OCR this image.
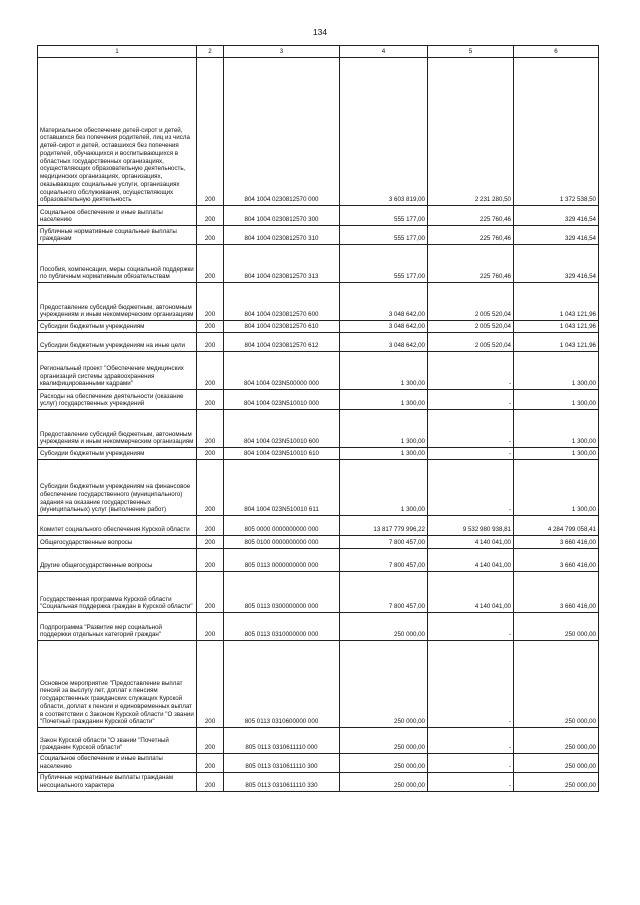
134
1	2	3	4	5	6
Материальное обеспечение детей-сирот и детей, оставшихся без попечения родителей, лиц из числа детей-сирот и детей, оставшихся без попечения родителей, обучающихся и воспитывающихся в областных государственных организациях, осуществляющих образовательную деятельность, медицинских организациях, организациях, оказывающих социальные услуги, организациях социального обслуживания, осуществляющих образовательную деятельность	200	804 1004 0230812570 000	3 603 819,00	2 231 280,50	1 372 538,50
Социальное обеспечение и иные выплаты населению	200	804 1004 0230812570 300	555 177,00	225 760,46	329 416,54
Публичные нормативные социальные выплаты гражданам	200	804 1004 0230812570 310	555 177,00	225 760,46	329 416,54
Пособия, компенсации, меры социальной поддержки по публичным нормативным обязательствам	200	804 1004 0230812570 313	555 177,00	225 760,46	329 416,54
Предоставление субсидий бюджетным, автономным учреждениям и иным некоммерческим организациям	200	804 1004 0230812570 600	3 048 642,00	2 005 520,04	1 043 121,96
Субсидии бюджетным учреждениям	200	804 1004 0230812570 610	3 048 642,00	2 005 520,04	1 043 121,96
Субсидии бюджетным учреждениям на иные цели	200	804 1004 0230812570 612	3 048 642,00	2 005 520,04	1 043 121,96
Региональный проект "Обеспечение медицинских организаций системы здравоохранения квалифицированными кадрами"	200	804 1004 023N500000 000	1 300,00	-	1 300,00
Расходы на обеспечение деятельности (оказание услуг) государственных учреждений	200	804 1004 023N510010 000	1 300,00	-	1 300,00
Предоставление субсидий бюджетным, автономным учреждениям и иным некоммерческим организациям	200	804 1004 023N510010 600	1 300,00	-	1 300,00
Субсидии бюджетным учреждениям	200	804 1004 023N510010 610	1 300,00	-	1 300,00
Субсидии бюджетным учреждениям на финансовое обеспечение государственного (муниципального) задания на оказание государственных (муниципальных) услуг (выполнение работ)	200	804 1004 023N510010 611	1 300,00	-	1 300,00
Комитет социального обеспечения Курской области	200	805 0000 0000000000 000	13 817 779 996,22	9 532 980 938,81	4 284 799 058,41
Общегосударственные вопросы	200	805 0100 0000000000 000	7 800 457,00	4 140 041,00	3 660 416,00
Другие общегосударственные вопросы	200	805 0113 0000000000 000	7 800 457,00	4 140 041,00	3 660 416,00
Государственная программа Курской области "Социальная поддержка граждан в Курской области"	200	805 0113 0300000000 000	7 800 457,00	4 140 041,00	3 660 416,00
Подпрограмма "Развитие мер социальной поддержки отдельных категорий граждан"	200	805 0113 0310000000 000	250 000,00	-	250 000,00
Основное мероприятие "Предоставление выплат пенсий за выслугу лет, доплат к пенсиям государственных гражданских служащих Курской области, доплат к пенсии и единовременных выплат в соответствии с Законом Курской области "О звании "Почетный гражданин Курской области"	200	805 0113 0310600000 000	250 000,00	-	250 000,00
Закон Курской области "О звании "Почетный гражданин Курской области"	200	805 0113 0310611110 000	250 000,00	-	250 000,00
Социальное обеспечение и иные выплаты населению	200	805 0113 0310611110 300	250 000,00	-	250 000,00
Публичные нормативные выплаты гражданам несоциального характера	200	805 0113 0310611110 330	250 000,00	-	250 000,00
